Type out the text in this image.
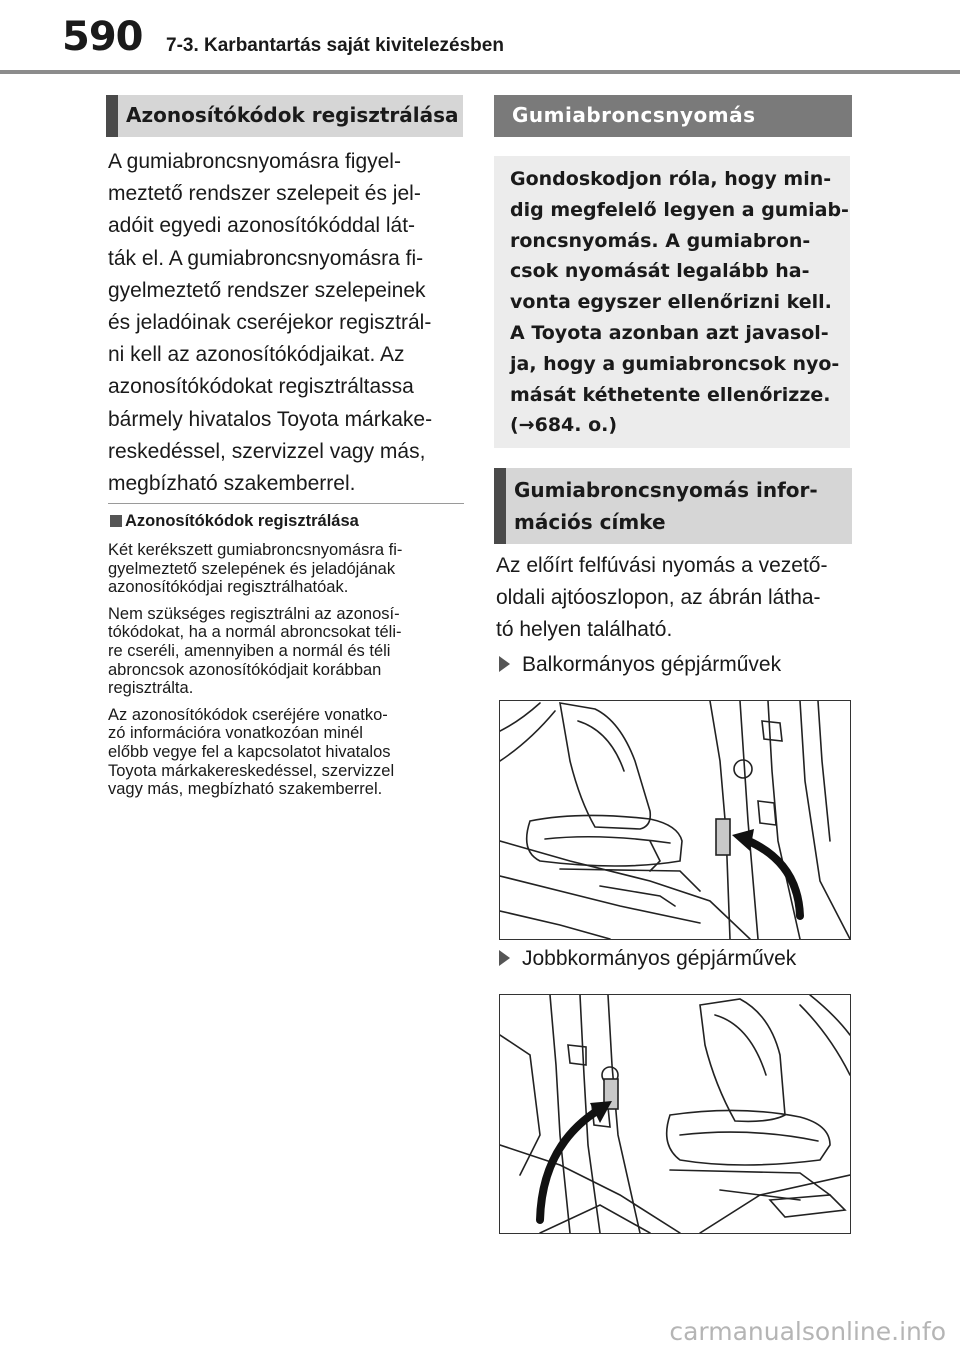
590 7-3. Karbantartás saját kivitelezésben
Azonosítókódok regisztrálása

A gumiabroncsnyomásra figyel-

meztető rendszer szelepeit és jel-

adóit egyedi azonosítókóddal lát-

ták el. A gumiabroncsnyomásra fi-

gyelmeztető rendszer szelepeinek

és jeladóinak cseréjekor regisztrál-

ni kell az azonosítókódjaikat. Az

azonosítókódokat regisztráltassa

bármely hivatalos Toyota márkake-

reskedéssel, szervizzel vagy más,

megbízható szakemberrel.

Azonosítókódok regisztrálása

Két kerékszett gumiabroncsnyomásra fi-
gyelmeztető szelepének és jeladójának
azonosítókódjai regisztrálhatóak.

Nem szükséges regisztrálni az azonosí-
tókódokat, ha a normál abroncsokat téli-
re cseréli, amennyiben a normál és téli
abroncsok azonosítókódjait korábban
regisztrálta.

Az azonosítókódok cseréjére vonatko-
zó információra vonatkozóan minél
előbb vegye fel a kapcsolatot hivatalos
Toyota márkakereskedéssel, szervizzel
vagy más, megbízható szakemberrel.

Gumiabroncsnyomás

Gondoskodjon róla, hogy min-

dig megfelelő legyen a gumiab-

roncsnyomás. A gumiabron-

csok nyomását legalább ha-

vonta egyszer ellenőrizni kell.

A Toyota azonban azt javasol-

ja, hogy a gumiabroncsok nyo-

mását kéthetente ellenőrizze.

(→684. o.)

Gumiabroncsnyomás infor-
mációs címke

Az előírt felfúvási nyomás a vezető-

oldali ajtóoszlopon, az ábrán látha-

tó helyen található.

Balkormányos gépjárművek
Jobbkormányos gépjárművek
carmanualsonline.info
